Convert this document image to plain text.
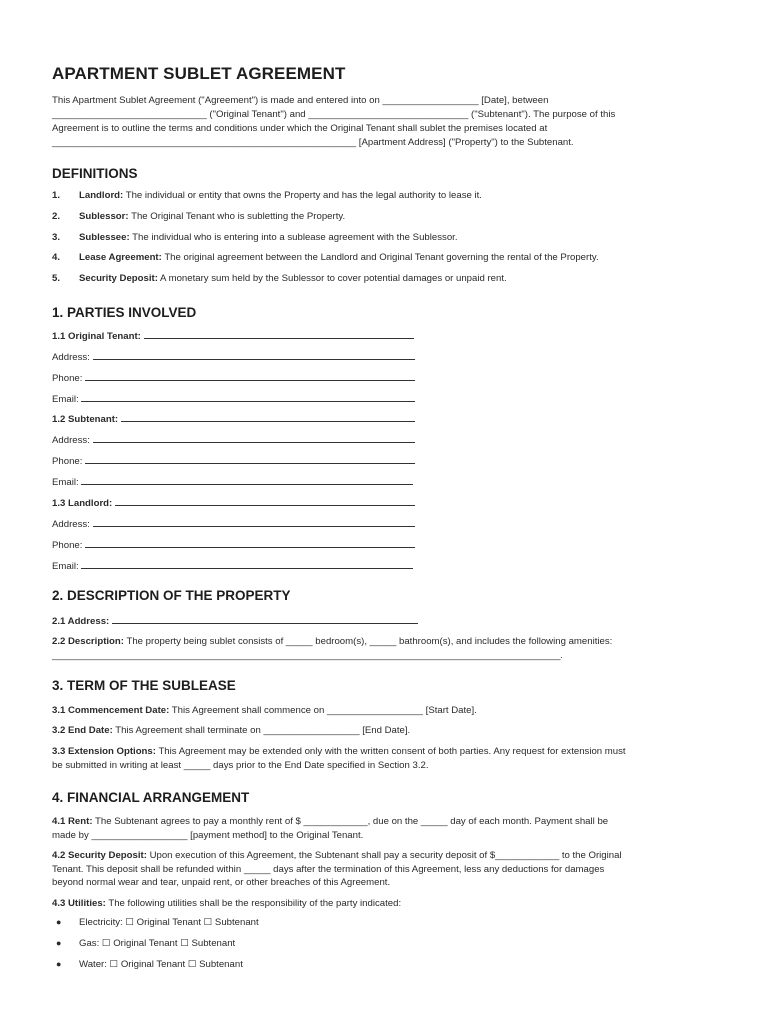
APARTMENT SUBLET AGREEMENT

This Apartment Sublet Agreement ("Agreement") is made and entered into on __________________ [Date], between

_____________________________ ("Original Tenant") and ______________________________ ("Subtenant"). The purpose of this

Agreement is to outline the terms and conditions under which the Original Tenant shall sublet the premises located at

_________________________________________________________ [Apartment Address] ("Property") to the Subtenant.

DEFINITIONS
1. Landlord: The individual or entity that owns the Property and has the legal authority to lease it.
2. Sublessor: The Original Tenant who is subletting the Property.
3. Sublessee: The individual who is entering into a sublease agreement with the Sublessor.
4. Lease Agreement: The original agreement between the Landlord and Original Tenant governing the rental of the Property.
5. Security Deposit: A monetary sum held by the Sublessor to cover potential damages or unpaid rent.
1. PARTIES INVOLVED
1.1 Original Tenant:
Address:
Phone:
Email:
1.2 Subtenant:
Address:
Phone:
Email:
1.3 Landlord:
Address:
Phone:
Email:
2. DESCRIPTION OF THE PROPERTY
2.1 Address:
2.2 Description: The property being sublet consists of _____ bedroom(s), _____ bathroom(s), and includes the following amenities:
____________________________________________________________________________________________________________.
3. TERM OF THE SUBLEASE
3.1 Commencement Date: This Agreement shall commence on __________________ [Start Date].
3.2 End Date: This Agreement shall terminate on __________________ [End Date].

3.3 Extension Options: This Agreement may be extended only with the written consent of both parties. Any request for extension must

be submitted in writing at least _____ days prior to the End Date specified in Section 3.2.

4. FINANCIAL ARRANGEMENT

4.1 Rent: The Subtenant agrees to pay a monthly rent of $ ____________, due on the _____ day of each month. Payment shall be

made by __________________ [payment method] to the Original Tenant.

4.2 Security Deposit: Upon execution of this Agreement, the Subtenant shall pay a security deposit of $____________ to the Original

Tenant. This deposit shall be refunded within _____ days after the termination of this Agreement, less any deductions for damages

beyond normal wear and tear, unpaid rent, or other breaches of this Agreement.

4.3 Utilities: The following utilities shall be the responsibility of the party indicated:
● Electricity: ☐ Original Tenant ☐ Subtenant
● Gas: ☐ Original Tenant ☐ Subtenant
● Water: ☐ Original Tenant ☐ Subtenant
